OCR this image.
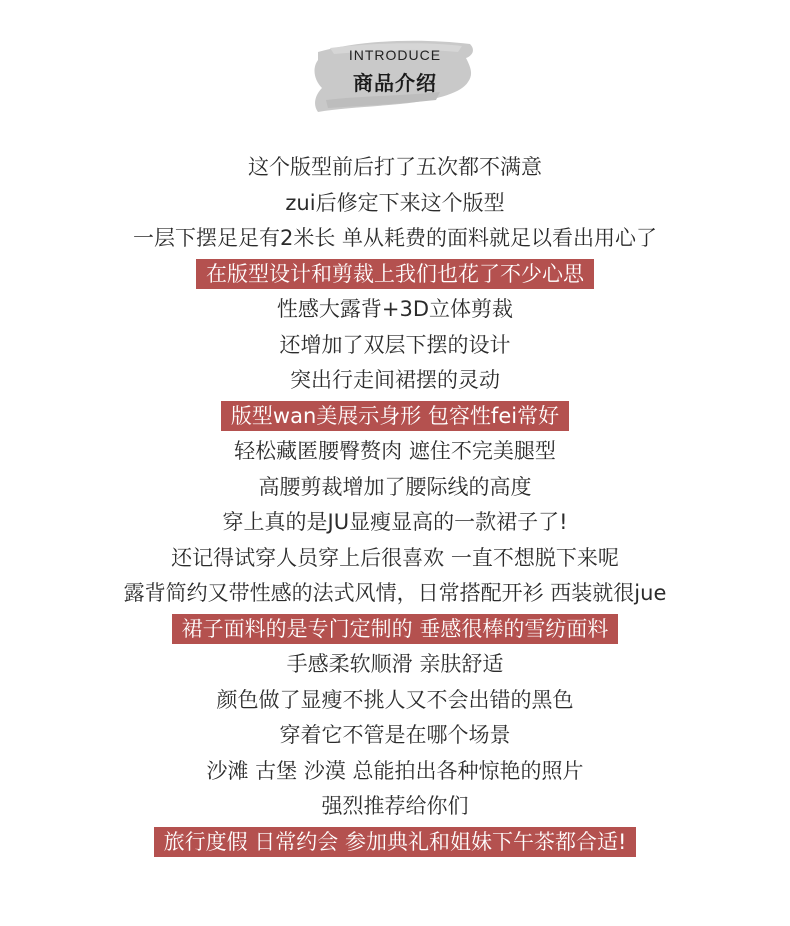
INTRODUCE
商品介绍
这个版型前后打了五次都不满意
zui后修定下来这个版型
一层下摆足足有2米长 单从耗费的面料就足以看出用心了
在版型设计和剪裁上我们也花了不少心思
性感大露背+3D立体剪裁
还增加了双层下摆的设计
突出行走间裙摆的灵动
版型wan美展示身形 包容性fei常好
轻松藏匿腰臀赘肉 遮住不完美腿型
高腰剪裁增加了腰际线的高度
穿上真的是JU显瘦显高的一款裙子了!
还记得试穿人员穿上后很喜欢 一直不想脱下来呢
露背简约又带性感的法式风情，日常搭配开衫 西装就很jue
裙子面料的是专门定制的 垂感很棒的雪纺面料
手感柔软顺滑 亲肤舒适
颜色做了显瘦不挑人又不会出错的黑色
穿着它不管是在哪个场景
沙滩 古堡 沙漠 总能拍出各种惊艳的照片
强烈推荐给你们
旅行度假 日常约会 参加典礼和姐妹下午茶都合适!
